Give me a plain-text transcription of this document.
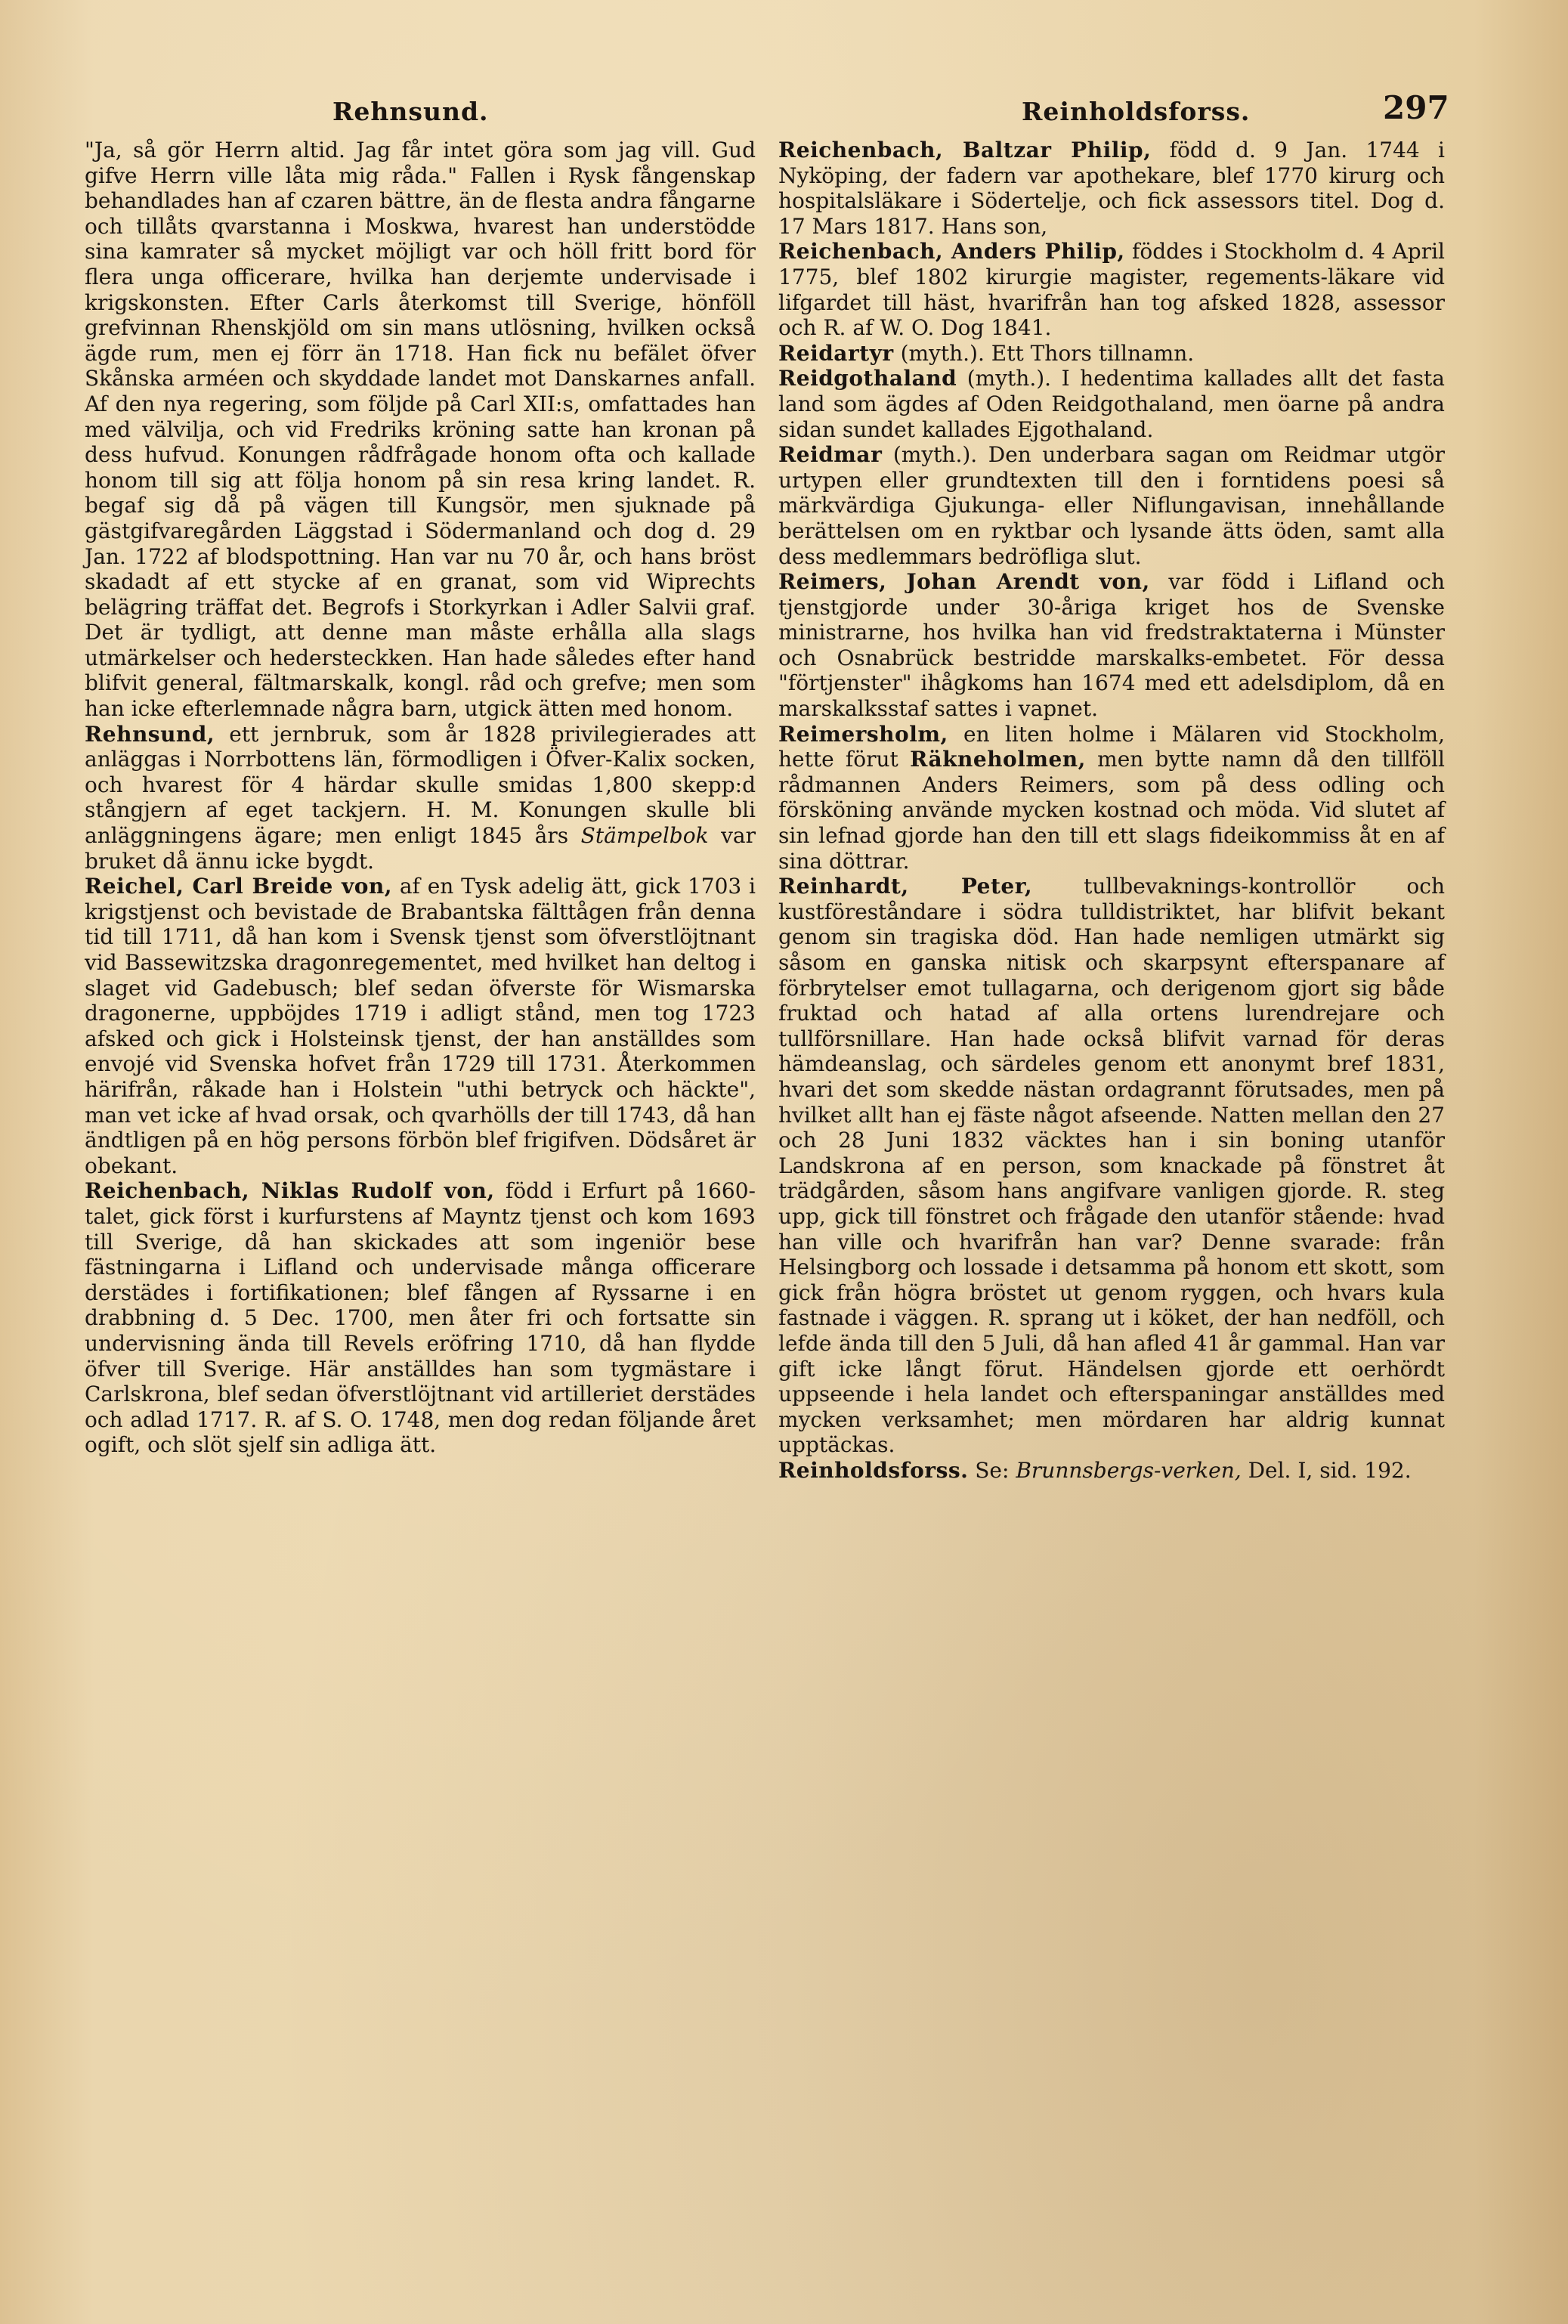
Rehnsund.	Reinholdsforss.	297

"Ja, så gör Herrn altid. Jag får intet göra som jag vill. Gud gifve Herrn ville låta mig råda." Fallen i Rysk fångenskap behandlades han af czaren bättre, än de flesta andra fångarne och tillåts qvarstanna i Moskwa, hvarest han understödde sina kamrater så mycket möjligt var och höll fritt bord för flera unga officerare, hvilka han derjemte undervisade i krigskonsten. Efter Carls återkomst till Sverige, hönföll grefvinnan Rhenskjöld om sin mans utlösning, hvilken också ägde rum, men ej förr än 1718. Han fick nu befälet öfver Skånska arméen och skyddade landet mot Danskarnes anfall. Af den nya regering, som följde på Carl XII:s, omfattades han med välvilja, och vid Fredriks kröning satte han kronan på dess hufvud. Konungen rådfrågade honom ofta och kallade honom till sig att följa honom på sin resa kring landet. R. begaf sig då på vägen till Kungsör, men sjuknade på gästgifvaregården Läggstad i Södermanland och dog d. 29 Jan. 1722 af blodspottning. Han var nu 70 år, och hans bröst skadadt af ett stycke af en granat, som vid Wiprechts belägring träffat det. Begrofs i Storkyrkan i Adler Salvii graf. Det är tydligt, att denne man måste erhålla alla slags utmärkelser och hedersteckken. Han hade således efter hand blifvit general, fältmarskalk, kongl. råd och grefve; men som han icke efterlemnade några barn, utgick ätten med honom.

Rehnsund, ett jernbruk, som år 1828 privilegierades att anläggas i Norrbottens län, förmodligen i Öfver-Kalix socken, och hvarest för 4 härdar skulle smidas 1,800 skepp:d stångjern af eget tackjern. H. M. Konungen skulle bli anläggningens ägare; men enligt 1845 års Stämpelbok var bruket då ännu icke bygdt.

Reichel, Carl Breide von, af en Tysk adelig ätt, gick 1703 i krigstjenst och bevistade de Brabantska fälttågen från denna tid till 1711, då han kom i Svensk tjenst som öfverstlöjtnant vid Bassewitzska dragonregementet, med hvilket han deltog i slaget vid Gadebusch; blef sedan öfverste för Wismarska dragonerne, uppböjdes 1719 i adligt stånd, men tog 1723 afsked och gick i Holsteinsk tjenst, der han anställdes som envojé vid Svenska hofvet från 1729 till 1731. Återkommen härifrån, råkade han i Holstein "uthi betryck och häckte", man vet icke af hvad orsak, och qvarhölls der till 1743, då han ändtligen på en hög persons förbön blef frigifven. Dödsåret är obekant.

Reichenbach, Niklas Rudolf von, född i Erfurt på 1660-talet, gick först i kurfurstens af Mayntz tjenst och kom 1693 till Sverige, då han skickades att som ingeniör bese fästningarna i Lifland och undervisade många officerare derstädes i fortifikationen; blef fången af Ryssarne i en drabbning d. 5 Dec. 1700, men åter fri och fortsatte sin undervisning ända till Revels eröfring 1710, då han flydde öfver till Sverige. Här anställdes han som tygmästare i Carlskrona, blef sedan öfverstlöjtnant vid artilleriet derstädes och adlad 1717. R. af S. O. 1748, men dog redan följande året ogift, och slöt sjelf sin adliga ätt.

Reichenbach, Baltzar Philip, född d. 9 Jan. 1744 i Nyköping, der fadern var apothekare, blef 1770 kirurg och hospitalsläkare i Södertelje, och fick assessors titel. Dog d. 17 Mars 1817. Hans son,

Reichenbach, Anders Philip, föddes i Stockholm d. 4 April 1775, blef 1802 kirurgie magister, regements-läkare vid lifgardet till häst, hvarifrån han tog afsked 1828, assessor och R. af W. O. Dog 1841.

Reidartyr (myth.). Ett Thors tillnamn.

Reidgothaland (myth.). I hedentima kallades allt det fasta land som ägdes af Oden Reidgothaland, men öarne på andra sidan sundet kallades Ejgothaland.

Reidmar (myth.). Den underbara sagan om Reidmar utgör urtypen eller grundtexten till den i forntidens poesi så märkvärdiga Gjukunga- eller Niflungavisan, innehållande berättelsen om en ryktbar och lysande ätts öden, samt alla dess medlemmars bedröfliga slut.

Reimers, Johan Arendt von, var född i Lifland och tjenstgjorde under 30-åriga kriget hos de Svenske ministrarne, hos hvilka han vid fredstraktaterna i Münster och Osnabrück bestridde marskalks-embetet. För dessa "förtjenster" ihågkoms han 1674 med ett adelsdiplom, då en marskalksstaf sattes i vapnet.

Reimersholm, en liten holme i Mälaren vid Stockholm, hette förut Räkneholmen, men bytte namn då den tillföll rådmannen Anders Reimers, som på dess odling och försköning använde mycken kostnad och möda. Vid slutet af sin lefnad gjorde han den till ett slags fideikommiss åt en af sina döttrar.

Reinhardt, Peter, tullbevaknings-kontrollör och kustföreståndare i södra tulldistriktet, har blifvit bekant genom sin tragiska död. Han hade nemligen utmärkt sig såsom en ganska nitisk och skarpsynt efterspanare af förbrytelser emot tullagarna, och derigenom gjort sig både fruktad och hatad af alla ortens lurendrejare och tullförsnillare. Han hade också blifvit varnad för deras hämdeanslag, och särdeles genom ett anonymt bref 1831, hvari det som skedde nästan ordagrannt förutsades, men på hvilket allt han ej fäste något afseende. Natten mellan den 27 och 28 Juni 1832 väcktes han i sin boning utanför Landskrona af en person, som knackade på fönstret åt trädgården, såsom hans angifvare vanligen gjorde. R. steg upp, gick till fönstret och frågade den utanför stående: hvad han ville och hvarifrån han var? Denne svarade: från Helsingborg och lossade i detsamma på honom ett skott, som gick från högra bröstet ut genom ryggen, och hvars kula fastnade i väggen. R. sprang ut i köket, der han nedföll, och lefde ända till den 5 Juli, då han afled 41 år gammal. Han var gift icke långt förut. Händelsen gjorde ett oerhördt uppseende i hela landet och efterspaningar anställdes med mycken verksamhet; men mördaren har aldrig kunnat upptäckas.

Reinholdsforss. Se: Brunnsbergs-verken, Del. I, sid. 192.
